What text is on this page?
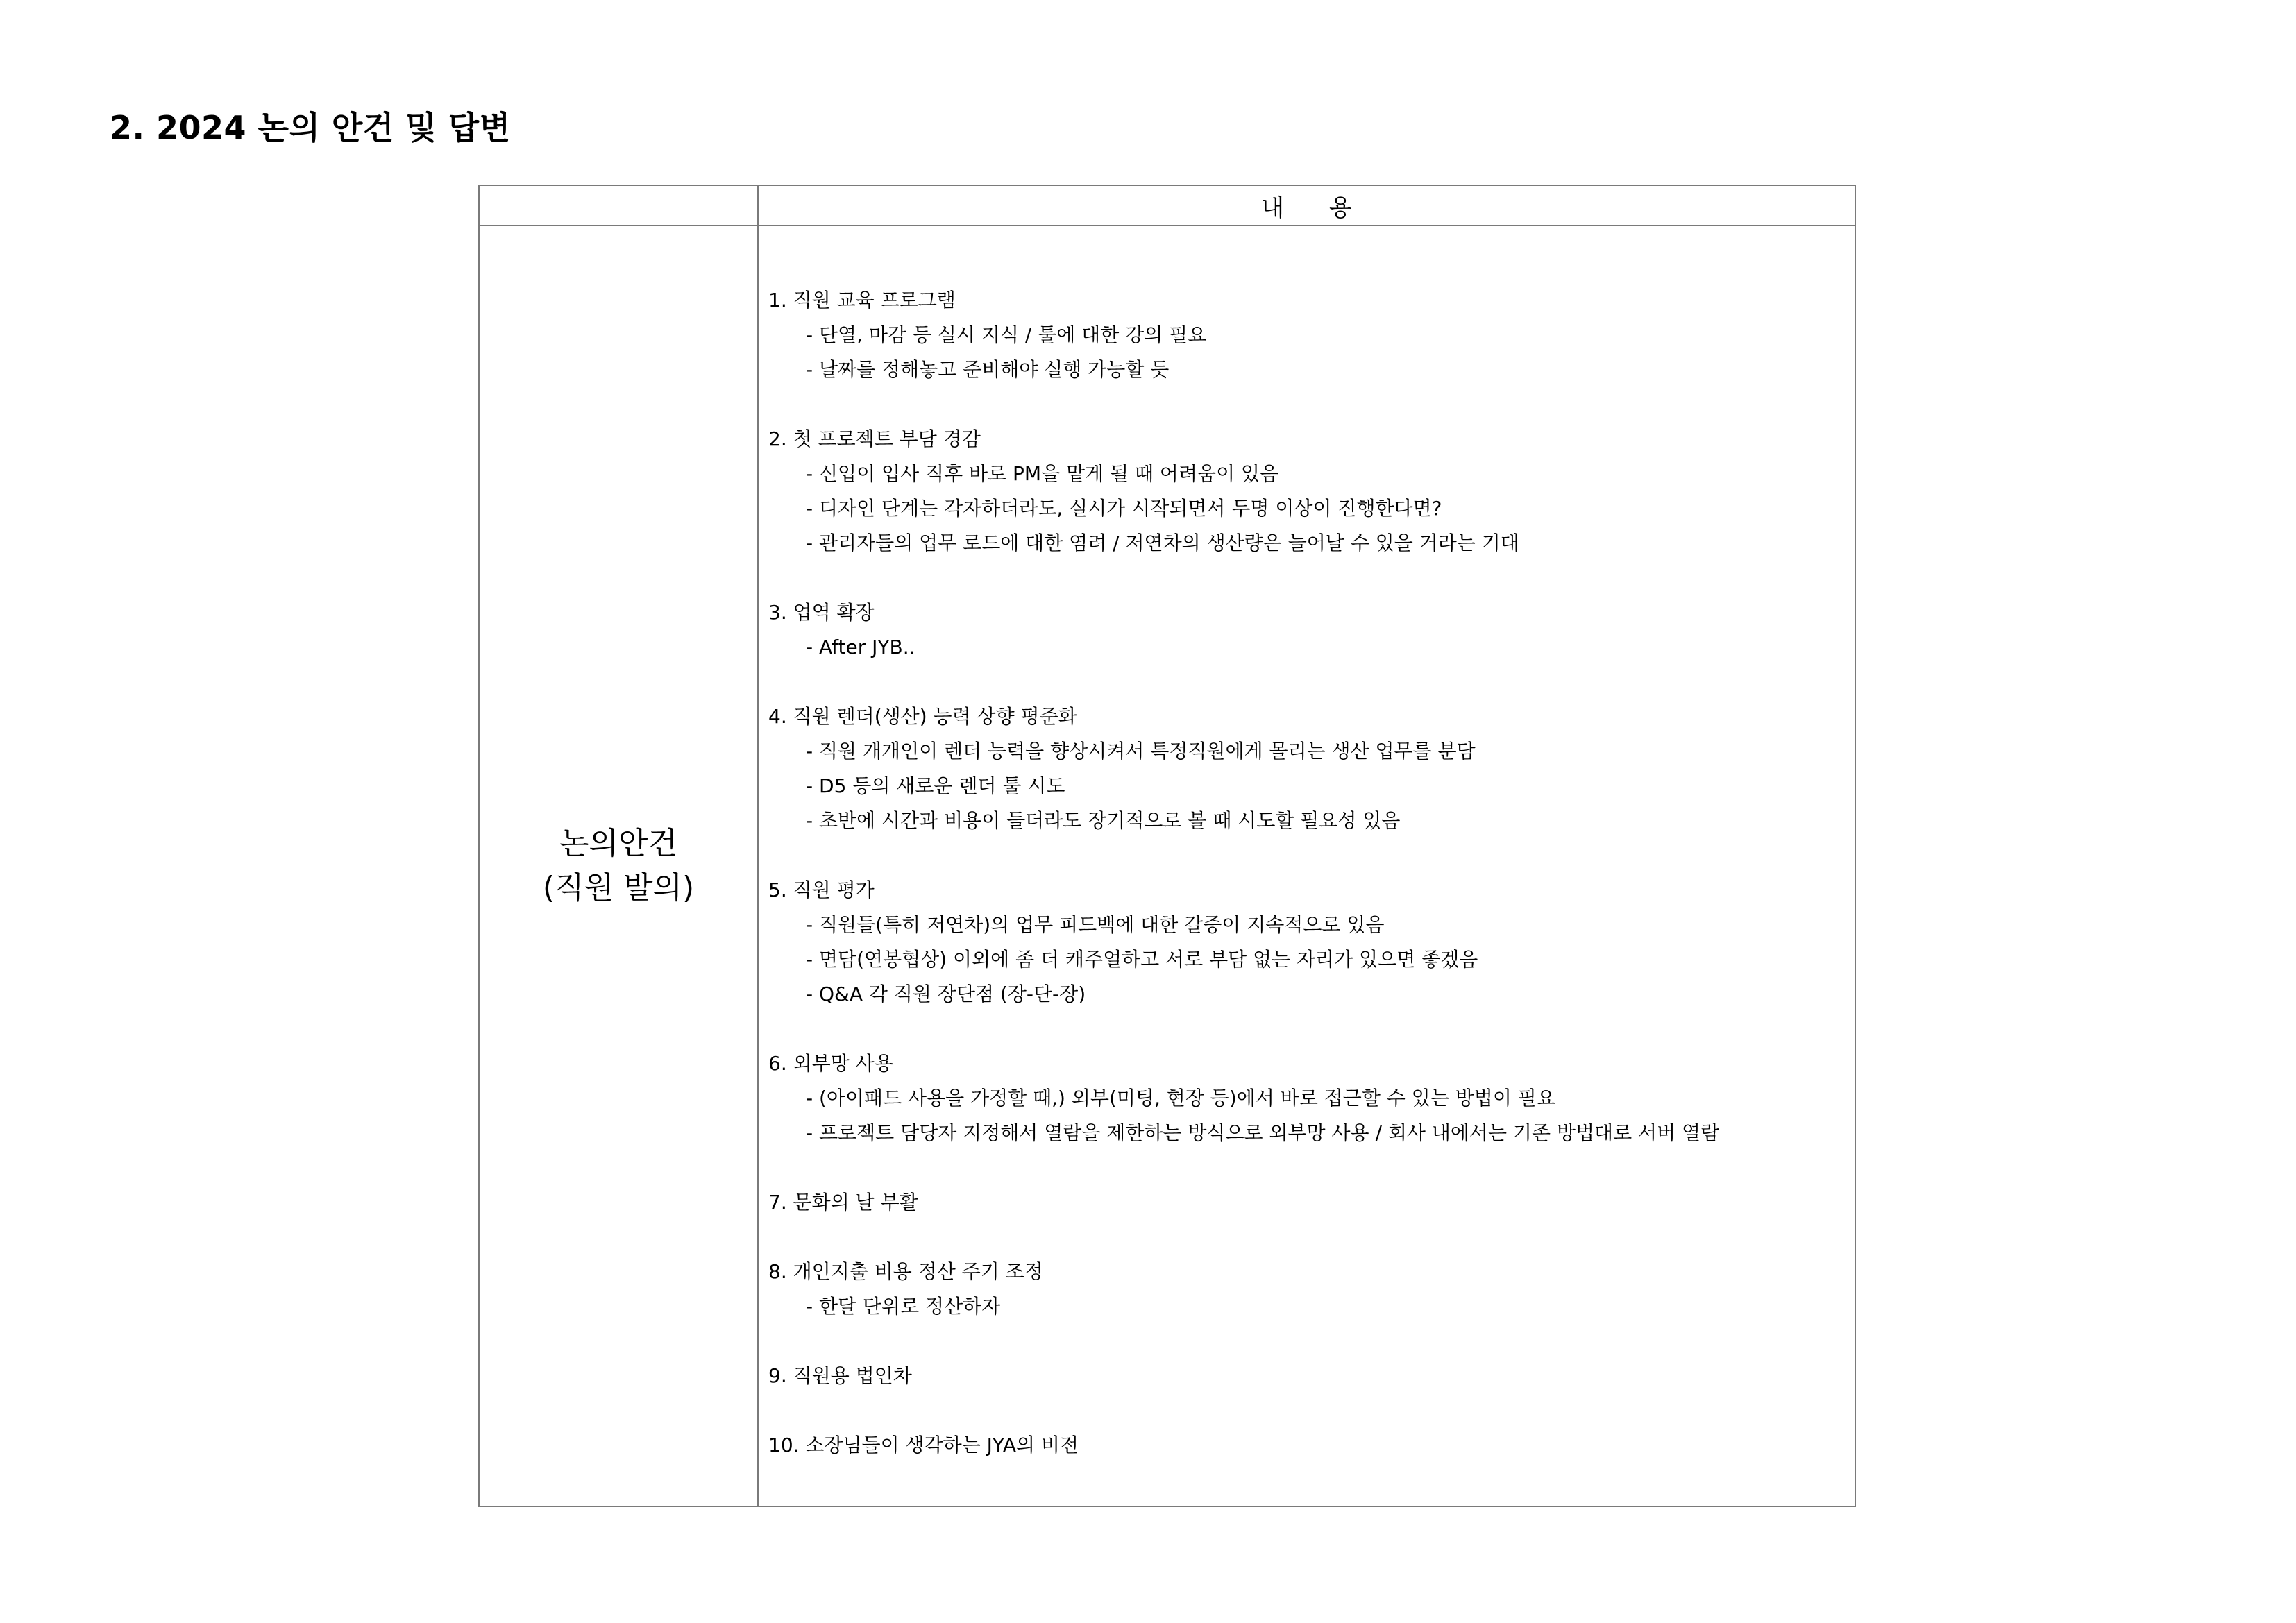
2. 2024 논의 안건 및 답변
	내      용

논의안건
(직원 발의)	

1. 직원 교육 프로그램
- 단열, 마감 등 실시 지식 / 툴에 대한 강의 필요
- 날짜를 정해놓고 준비해야 실행 가능할 듯
2. 첫 프로젝트 부담 경감
- 신입이 입사 직후 바로 PM을 맡게 될 때 어려움이 있음
- 디자인 단계는 각자하더라도, 실시가 시작되면서 두명 이상이 진행한다면?
- 관리자들의 업무 로드에 대한 염려 / 저연차의 생산량은 늘어날 수 있을 거라는 기대
3. 업역 확장
- After JYB..
4. 직원 렌더(생산) 능력 상향 평준화
- 직원 개개인이 렌더 능력을 향상시켜서 특정직원에게 몰리는 생산 업무를 분담
- D5 등의 새로운 렌더 툴 시도
- 초반에 시간과 비용이 들더라도 장기적으로 볼 때 시도할 필요성 있음
5. 직원 평가
- 직원들(특히 저연차)의 업무 피드백에 대한 갈증이 지속적으로 있음
- 면담(연봉협상) 이외에 좀 더 캐주얼하고 서로 부담 없는 자리가 있으면 좋겠음
- Q&A 각 직원 장단점 (장-단-장)
6. 외부망 사용
- (아이패드 사용을 가정할 때,) 외부(미팅, 현장 등)에서 바로 접근할 수 있는 방법이 필요
- 프로젝트 담당자 지정해서 열람을 제한하는 방식으로 외부망 사용 / 회사 내에서는 기존 방법대로 서버 열람
7. 문화의 날 부활
8. 개인지출 비용 정산 주기 조정
- 한달 단위로 정산하자
9. 직원용 법인차
10. 소장님들이 생각하는 JYA의 비전
